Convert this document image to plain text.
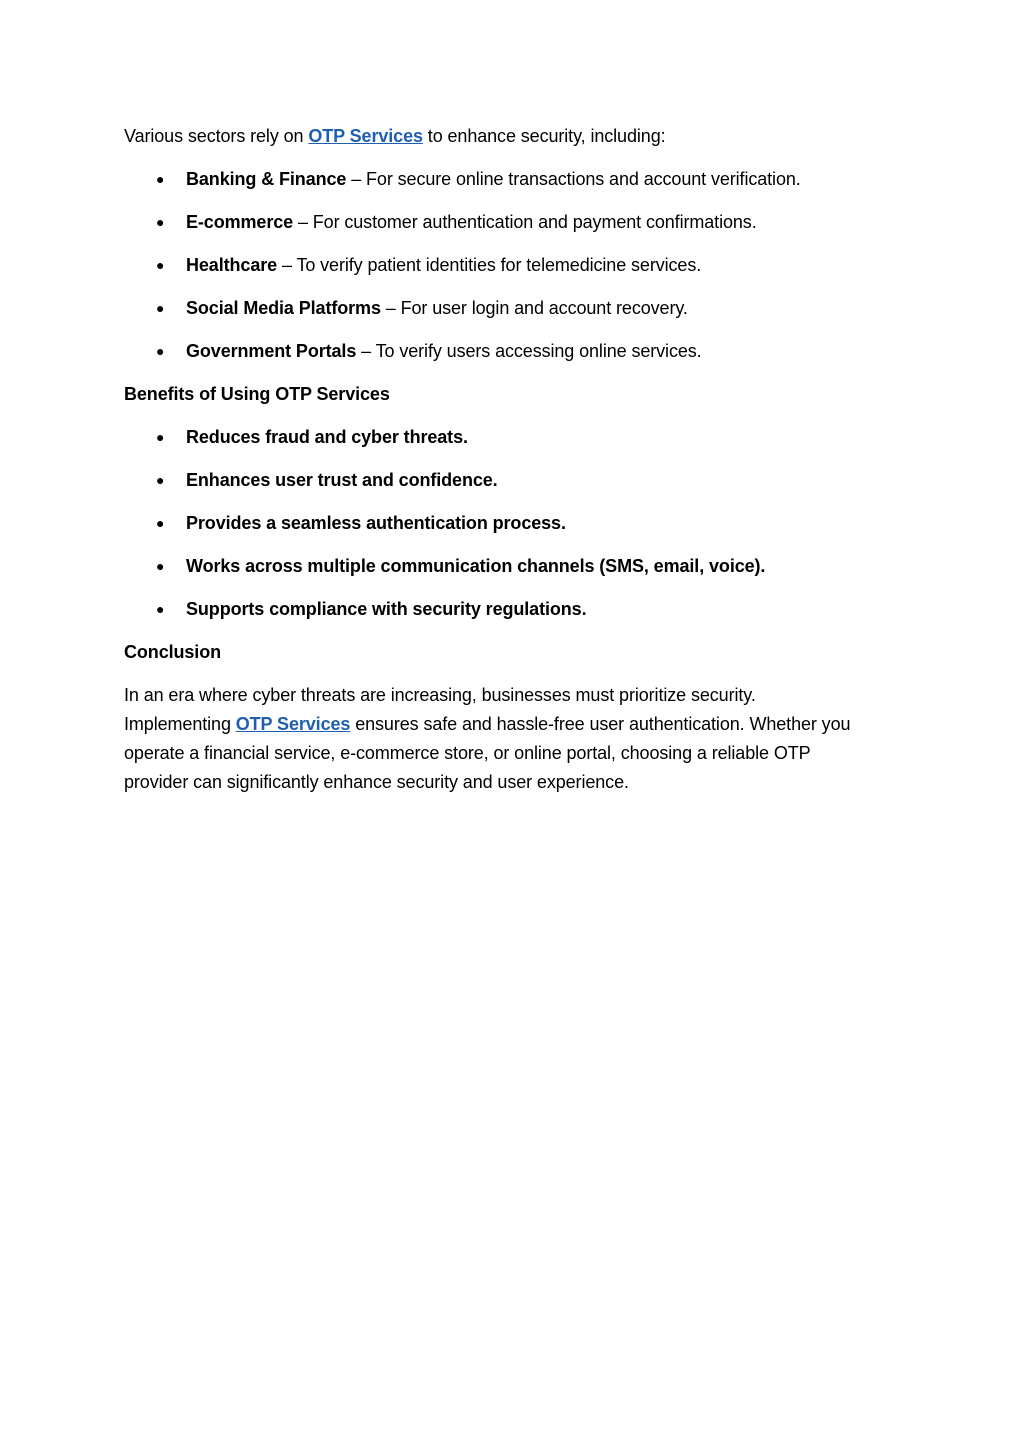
Various sectors rely on OTP Services to enhance security, including:

● Banking & Finance – For secure online transactions and account verification.
● E-commerce – For customer authentication and payment confirmations.
● Healthcare – To verify patient identities for telemedicine services.
● Social Media Platforms – For user login and account recovery.
● Government Portals – To verify users accessing online services.
Benefits of Using OTP Services
● Reduces fraud and cyber threats.
● Enhances user trust and confidence.
● Provides a seamless authentication process.
● Works across multiple communication channels (SMS, email, voice).
● Supports compliance with security regulations.
Conclusion
In an era where cyber threats are increasing, businesses must prioritize security.
Implementing OTP Services ensures safe and hassle-free user authentication. Whether you
operate a financial service, e-commerce store, or online portal, choosing a reliable OTP
provider can significantly enhance security and user experience.
